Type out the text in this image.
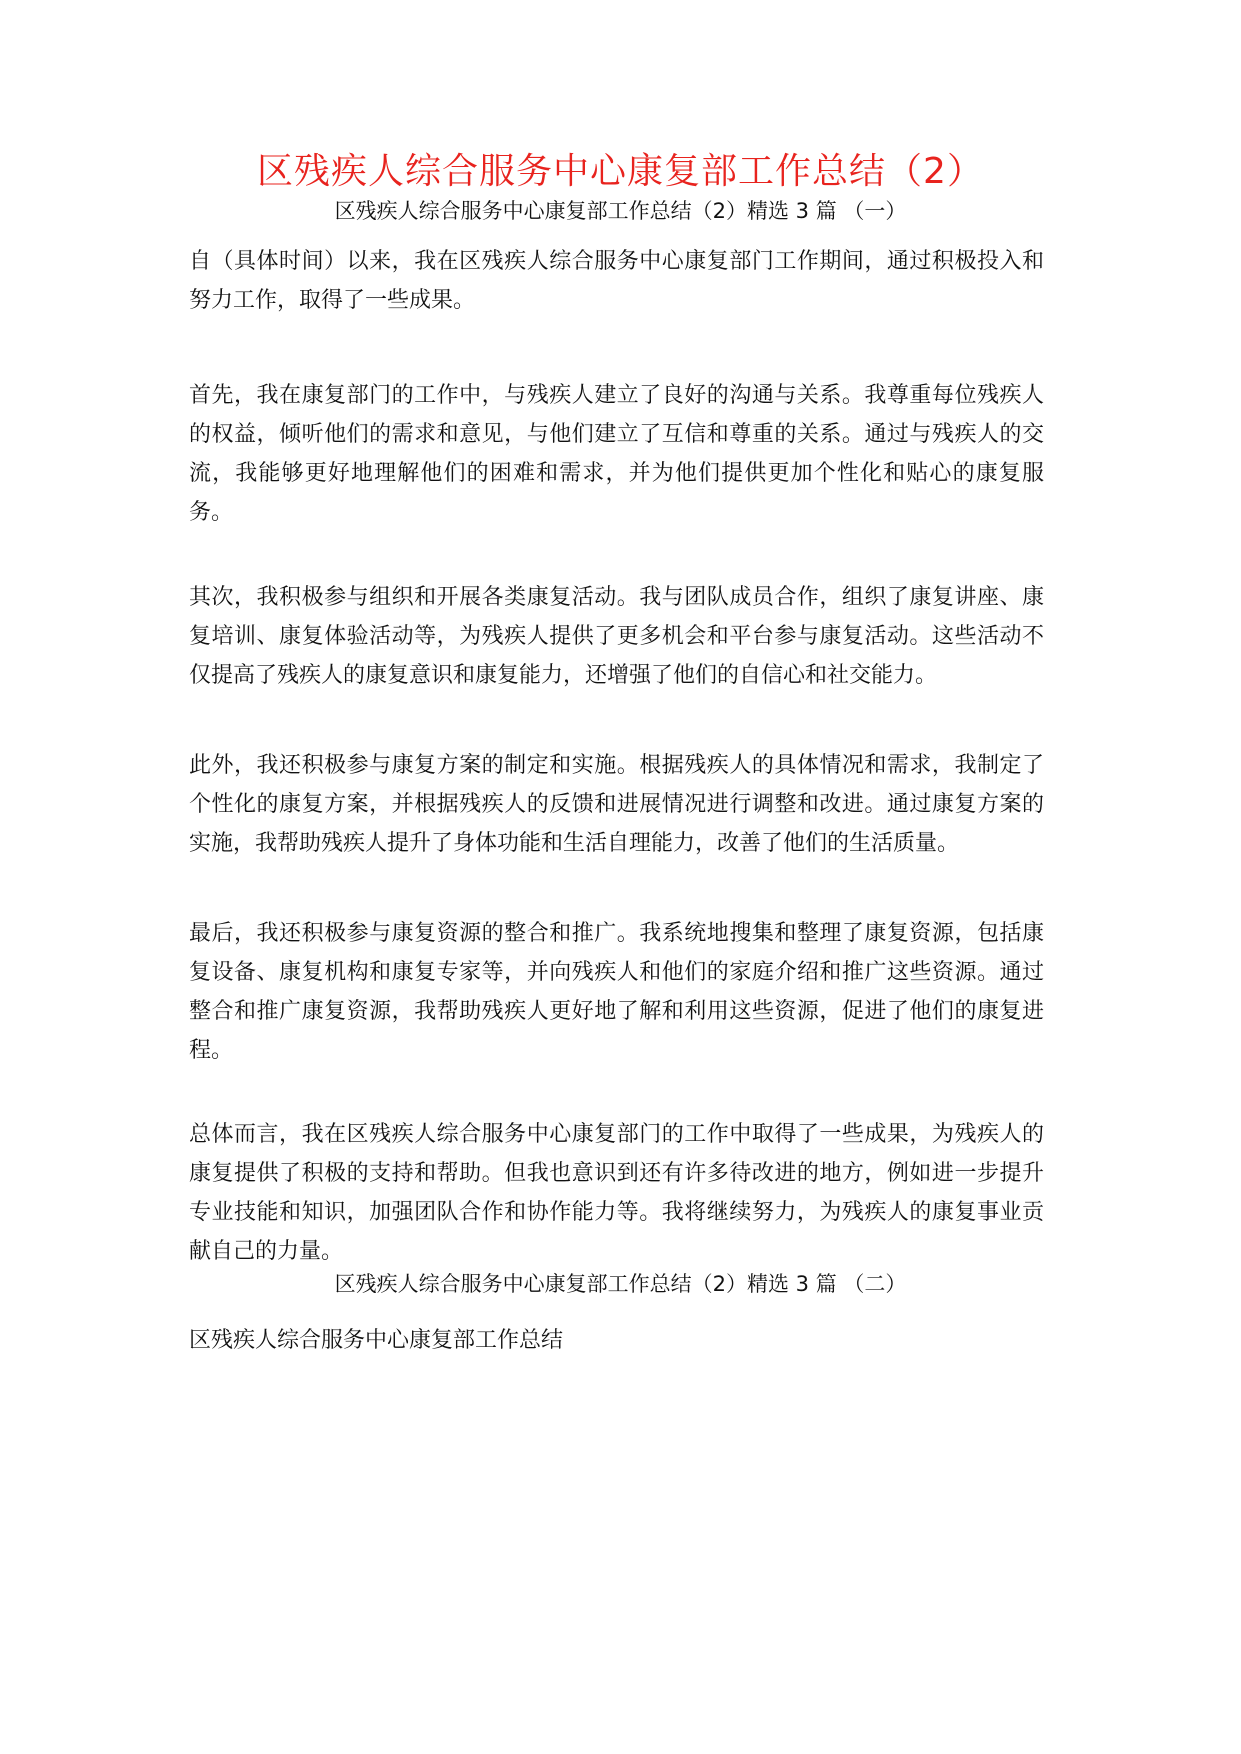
区残疾人综合服务中心康复部工作总结（2）
区残疾人综合服务中心康复部工作总结（2）精选 3 篇 （一）

自（具体时间）以来，我在区残疾人综合服务中心康复部门工作期间，通过积极投入和努力工作，取得了一些成果。

首先，我在康复部门的工作中，与残疾人建立了良好的沟通与关系。我尊重每位残疾人的权益，倾听他们的需求和意见，与他们建立了互信和尊重的关系。通过与残疾人的交流，我能够更好地理解他们的困难和需求，并为他们提供更加个性化和贴心的康复服务。

其次，我积极参与组织和开展各类康复活动。我与团队成员合作，组织了康复讲座、康复培训、康复体验活动等，为残疾人提供了更多机会和平台参与康复活动。这些活动不仅提高了残疾人的康复意识和康复能力，还增强了他们的自信心和社交能力。

此外，我还积极参与康复方案的制定和实施。根据残疾人的具体情况和需求，我制定了个性化的康复方案，并根据残疾人的反馈和进展情况进行调整和改进。通过康复方案的实施，我帮助残疾人提升了身体功能和生活自理能力，改善了他们的生活质量。

最后，我还积极参与康复资源的整合和推广。我系统地搜集和整理了康复资源，包括康复设备、康复机构和康复专家等，并向残疾人和他们的家庭介绍和推广这些资源。通过整合和推广康复资源，我帮助残疾人更好地了解和利用这些资源，促进了他们的康复进程。

总体而言，我在区残疾人综合服务中心康复部门的工作中取得了一些成果，为残疾人的康复提供了积极的支持和帮助。但我也意识到还有许多待改进的地方，例如进一步提升专业技能和知识，加强团队合作和协作能力等。我将继续努力，为残疾人的康复事业贡献自己的力量。

区残疾人综合服务中心康复部工作总结（2）精选 3 篇 （二）

区残疾人综合服务中心康复部工作总结
